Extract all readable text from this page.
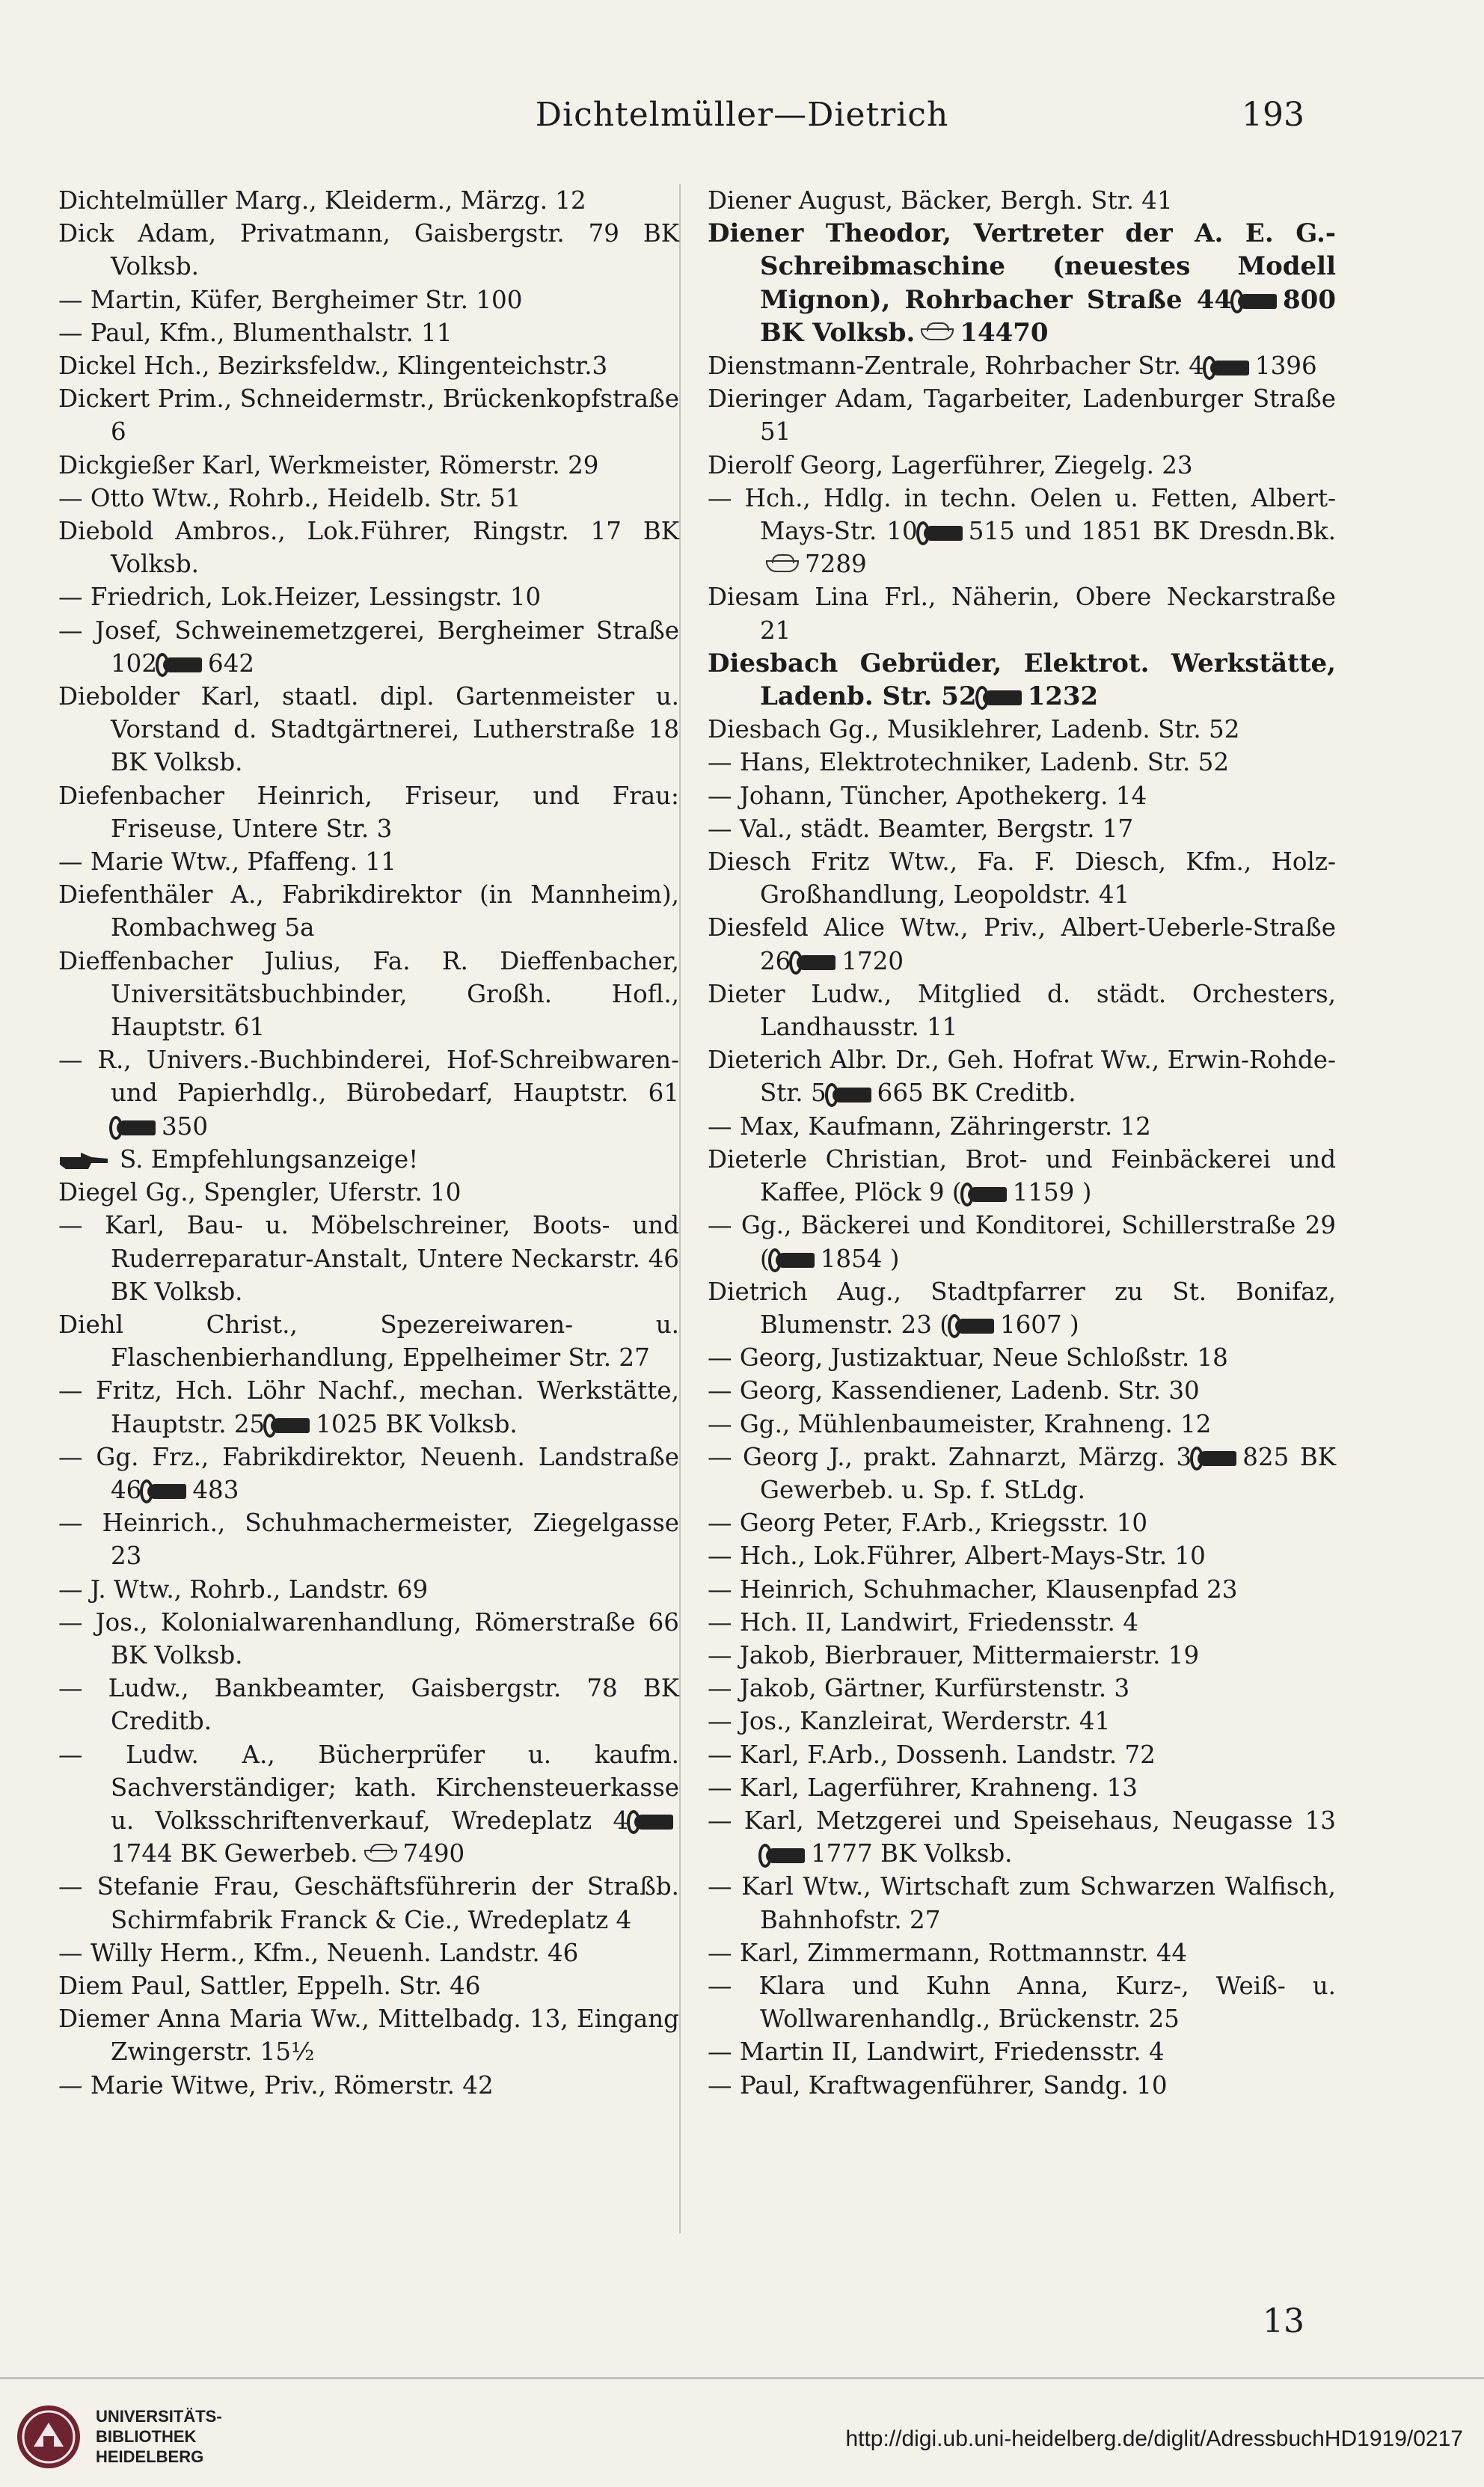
Dichtelmüller—Dietrich	193
Dichtelmüller Marg., Kleiderm., Märzg. 12
Dick Adam, Privatmann, Gaisbergstr. 79 BK Volksb.
— Martin, Küfer, Bergheimer Str. 100
— Paul, Kfm., Blumenthalstr. 11
Dickel Hch., Bezirksfeldw., Klingenteichstr.3
Dickert Prim., Schneidermstr., Brückenkopfstraße 6
Dickgießer Karl, Werkmeister, Römerstr. 29
— Otto Wtw., Rohrb., Heidelb. Str. 51
Diebold Ambros., Lok.Führer, Ringstr. 17 BK Volksb.
— Friedrich, Lok.Heizer, Lessingstr. 10
— Josef, Schweinemetzgerei, Bergheimer Straße 102 642
Diebolder Karl, staatl. dipl. Gartenmeister u. Vorstand d. Stadtgärtnerei, Lutherstraße 18 BK Volksb.
Diefenbacher Heinrich, Friseur, und Frau: Friseuse, Untere Str. 3
— Marie Wtw., Pfaffeng. 11
Diefenthäler A., Fabrikdirektor (in Mannheim), Rombachweg 5a
Dieffenbacher Julius, Fa. R. Dieffenbacher, Universitätsbuchbinder, Großh. Hofl., Hauptstr. 61
— R., Univers.-Buchbinderei, Hof-Schreibwaren- und Papierhdlg., Bürobedarf, Hauptstr. 61350
S. Empfehlungsanzeige!
Diegel Gg., Spengler, Uferstr. 10
— Karl, Bau- u. Möbelschreiner, Boots- und Ruderreparatur-Anstalt, Untere Neckarstr. 46 BK Volksb.
Diehl Christ., Spezereiwaren- u. Flaschenbierhandlung, Eppelheimer Str. 27
— Fritz, Hch. Löhr Nachf., mechan. Werkstätte, Hauptstr. 25 1025 BK Volksb.
— Gg. Frz., Fabrikdirektor, Neuenh. Landstraße 46 483
— Heinrich., Schuhmachermeister, Ziegelgasse 23
— J. Wtw., Rohrb., Landstr. 69
— Jos., Kolonialwarenhandlung, Römerstraße 66 BK Volksb.
— Ludw., Bankbeamter, Gaisbergstr. 78 BK Creditb.
— Ludw. A., Bücherprüfer u. kaufm. Sachverständiger; kath. Kirchensteuerkasse u. Volksschriftenverkauf, Wredeplatz 41744 BK Gewerbeb. 7490
— Stefanie Frau, Geschäftsführerin der Straßb. Schirmfabrik Franck & Cie., Wredeplatz 4
— Willy Herm., Kfm., Neuenh. Landstr. 46
Diem Paul, Sattler, Eppelh. Str. 46
Diemer Anna Maria Ww., Mittelbadg. 13, Eingang Zwingerstr. 15½
— Marie Witwe, Priv., Römerstr. 42
Diener August, Bäcker, Bergh. Str. 41
Diener Theodor, Vertreter der A. E. G.-Schreibmaschine (neuestes Modell Mignon), Rohrbacher Straße 44 800 BK Volksb. 14470
Dienstmann-Zentrale, Rohrbacher Str. 4 1396
Dieringer Adam, Tagarbeiter, Ladenburger Straße 51
Dierolf Georg, Lagerführer, Ziegelg. 23
— Hch., Hdlg. in techn. Oelen u. Fetten, Albert-Mays-Str. 10 515 und 1851 BK Dresdn.Bk.7289
Diesam Lina Frl., Näherin, Obere Neckarstraße 21
Diesbach Gebrüder, Elektrot. Werkstätte, Ladenb. Str. 52 1232
Diesbach Gg., Musiklehrer, Ladenb. Str. 52
— Hans, Elektrotechniker, Ladenb. Str. 52
— Johann, Tüncher, Apothekerg. 14
— Val., städt. Beamter, Bergstr. 17
Diesch Fritz Wtw., Fa. F. Diesch, Kfm., Holz-Großhandlung, Leopoldstr. 41
Diesfeld Alice Wtw., Priv., Albert-Ueberle-Straße 26 1720
Dieter Ludw., Mitglied d. städt. Orchesters, Landhausstr. 11
Dieterich Albr. Dr., Geh. Hofrat Ww., Erwin-Rohde-Str. 5 665 BK Creditb.
— Max, Kaufmann, Zähringerstr. 12
Dieterle Christian, Brot- und Feinbäckerei und Kaffee, Plöck 9 ( 1159 )
— Gg., Bäckerei und Konditorei, Schillerstraße 29 ( 1854 )
Dietrich Aug., Stadtpfarrer zu St. Bonifaz, Blumenstr. 23 ( 1607 )
— Georg, Justizaktuar, Neue Schloßstr. 18
— Georg, Kassendiener, Ladenb. Str. 30
— Gg., Mühlenbaumeister, Krahneng. 12
— Georg J., prakt. Zahnarzt, Märzg. 3 825 BK Gewerbeb. u. Sp. f. StLdg.
— Georg Peter, F.Arb., Kriegsstr. 10
— Hch., Lok.Führer, Albert-Mays-Str. 10
— Heinrich, Schuhmacher, Klausenpfad 23
— Hch. II, Landwirt, Friedensstr. 4
— Jakob, Bierbrauer, Mittermaierstr. 19
— Jakob, Gärtner, Kurfürstenstr. 3
— Jos., Kanzleirat, Werderstr. 41
— Karl, F.Arb., Dossenh. Landstr. 72
— Karl, Lagerführer, Krahneng. 13
— Karl, Metzgerei und Speisehaus, Neugasse 131777 BK Volksb.
— Karl Wtw., Wirtschaft zum Schwarzen Walfisch, Bahnhofstr. 27
— Karl, Zimmermann, Rottmannstr. 44
— Klara und Kuhn Anna, Kurz-, Weiß- u. Wollwarenhandlg., Brückenstr. 25
— Martin II, Landwirt, Friedensstr. 4
— Paul, Kraftwagenführer, Sandg. 10
13
UNIVERSITÄTS-
BIBLIOTHEK
HEIDELBERG
http://digi.ub.uni-heidelberg.de/diglit/AdressbuchHD1919/0217
